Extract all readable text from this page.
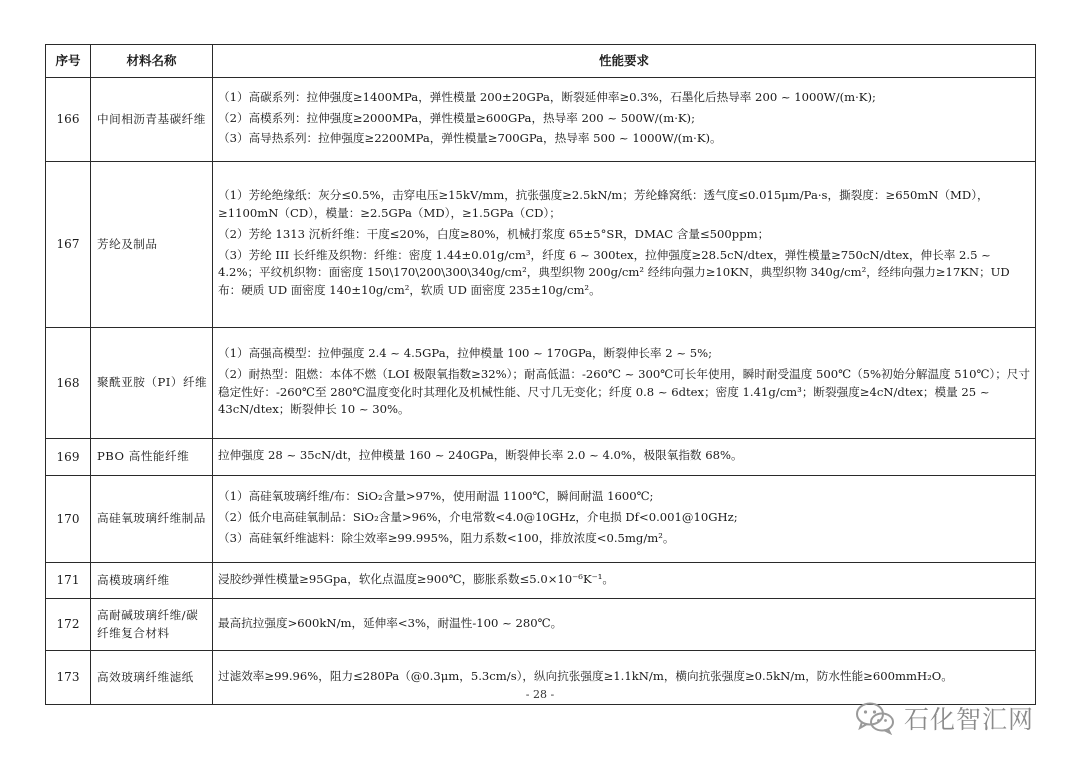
序号	材料名称	性能要求
166	中间相沥青基碳纤维	（1）高碳系列：拉伸强度≥1400MPa，弹性模量 200±20GPa，断裂延伸率≥0.3%，石墨化后热导率 200 ~ 1000W/(m·K);
（2）高模系列：拉伸强度≥2000MPa，弹性模量≥600GPa，热导率 200 ~ 500W/(m·K);
（3）高导热系列：拉伸强度≥2200MPa，弹性模量≥700GPa，热导率 500 ~ 1000W/(m·K)。

167	芳纶及制品	（1）芳纶绝缘纸：灰分≤0.5%，击穿电压≥15kV/mm，抗张强度≥2.5kN/m；芳纶蜂窝纸：透气度≤0.015μm/Pa·s，撕裂度：≥650mN（MD），≥1100mN（CD），模量：≥2.5GPa（MD），≥1.5GPa（CD）；
（2）芳纶 1313 沉析纤维：干度≤20%，白度≥80%，机械打浆度 65±5°SR，DMAC 含量≤500ppm；
（3）芳纶 III 长纤维及织物：纤维：密度 1.44±0.01g/cm³，纤度 6 ~ 300tex，拉伸强度≥28.5cN/dtex，弹性模量≥750cN/dtex，伸长率 2.5 ~ 4.2%；平纹机织物：面密度 150\170\200\300\340g/cm²，典型织物 200g/cm² 经纬向强力≥10KN，典型织物 340g/cm²，经纬向强力≥17KN；UD 布：硬质 UD 面密度 140±10g/cm²，软质 UD 面密度 235±10g/cm²。

168	聚酰亚胺（PI）纤维	（1）高强高模型：拉伸强度 2.4 ~ 4.5GPa，拉伸模量 100 ~ 170GPa，断裂伸长率 2 ~ 5%;
（2）耐热型：阻燃：本体不燃（LOI 极限氧指数≥32%）；耐高低温：-260℃ ~ 300℃可长年使用，瞬时耐受温度 500℃（5%初始分解温度 510℃）；尺寸稳定性好：-260℃至 280℃温度变化时其理化及机械性能、尺寸几无变化；纤度 0.8 ~ 6dtex；密度 1.41g/cm³；断裂强度≥4cN/dtex；模量 25 ~ 43cN/dtex；断裂伸长 10 ~ 30%。

169	PBO 高性能纤维	拉伸强度 28 ~ 35cN/dt，拉伸模量 160 ~ 240GPa，断裂伸长率 2.0 ~ 4.0%，极限氧指数 68%。

170	高硅氧玻璃纤维制品	（1）高硅氧玻璃纤维/布：SiO₂含量>97%，使用耐温 1100℃，瞬间耐温 1600℃;
（2）低介电高硅氧制品：SiO₂含量>96%，介电常数<4.0@10GHz，介电损 Df<0.001@10GHz;
（3）高硅氧纤维滤料：除尘效率≥99.995%，阻力系数<100，排放浓度<0.5mg/m²。

171	高模玻璃纤维	浸胶纱弹性模量≥95Gpa，软化点温度≥900℃，膨胀系数≤5.0×10⁻⁶K⁻¹。

172	高耐碱玻璃纤维/碳纤维复合材料	最高抗拉强度>600kN/m，延伸率<3%，耐温性-100 ~ 280℃。

173	高效玻璃纤维滤纸	过滤效率≥99.96%，阻力≤280Pa（@0.3μm，5.3cm/s），纵向抗张强度≥1.1kN/m，横向抗张强度≥0.5kN/m，防水性能≥600mmH₂O。
- 28 -
石化智汇网
